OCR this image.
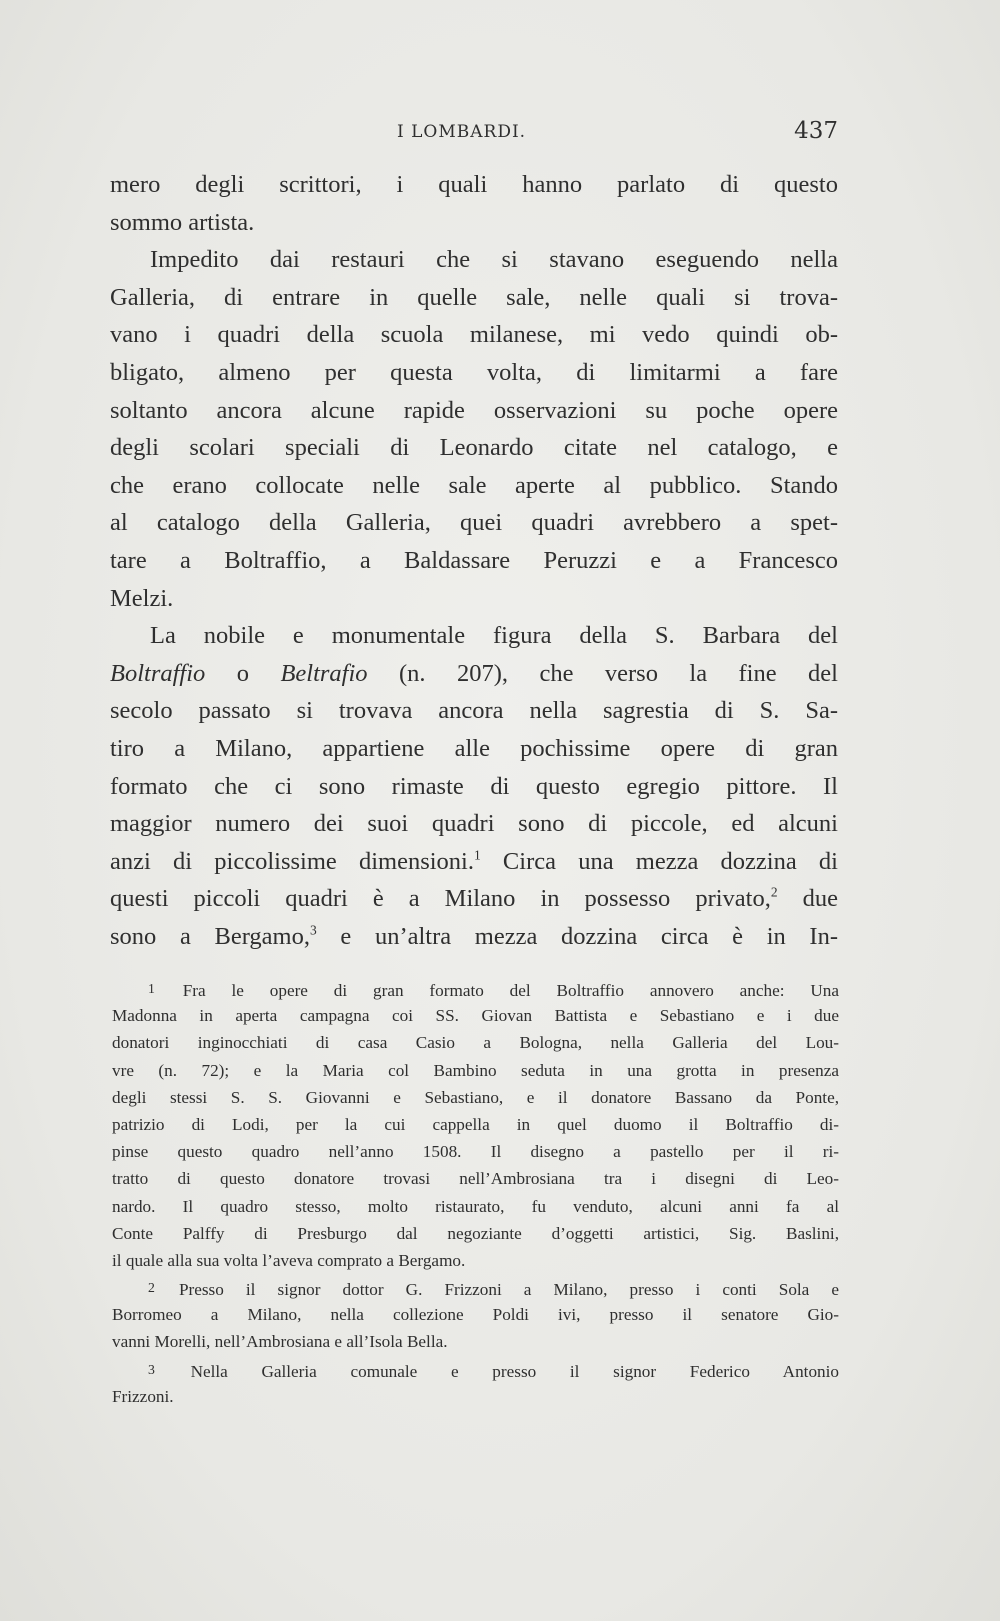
I LOMBARDI.	437
mero degli scrittori, i quali hanno parlato di questo
sommo artista.
Impedito dai restauri che si stavano eseguendo nella
Galleria, di entrare in quelle sale, nelle quali si trova-
vano i quadri della scuola milanese, mi vedo quindi ob-
bligato, almeno per questa volta, di limitarmi a fare
soltanto ancora alcune rapide osservazioni su poche opere
degli scolari speciali di Leonardo citate nel catalogo, e
che erano collocate nelle sale aperte al pubblico. Stando
al catalogo della Galleria, quei quadri avrebbero a spet-
tare a Boltraffio, a Baldassare Peruzzi e a Francesco
Melzi.
La nobile e monumentale figura della S. Barbara del
Boltraffio o Beltrafio (n. 207), che verso la fine del
secolo passato si trovava ancora nella sagrestia di S. Sa-
tiro a Milano, appartiene alle pochissime opere di gran
formato che ci sono rimaste di questo egregio pittore. Il
maggior numero dei suoi quadri sono di piccole, ed alcuni
anzi di piccolissime dimensioni.$^1$ Circa una mezza dozzina di
questi piccoli quadri è a Milano in possesso privato,$^2$ due
sono a Bergamo,$^3$ e un’altra mezza dozzina circa è in In-
1 Fra le opere di gran formato del Boltraffio annovero anche: Una
Madonna in aperta campagna coi SS. Giovan Battista e Sebastiano e i due
donatori inginocchiati di casa Casio a Bologna, nella Galleria del Lou-
vre (n. 72); e la Maria col Bambino seduta in una grotta in presenza
degli stessi S. S. Giovanni e Sebastiano, e il donatore Bassano da Ponte,
patrizio di Lodi, per la cui cappella in quel duomo il Boltraffio di-
pinse questo quadro nell’anno 1508. Il disegno a pastello per il ri-
tratto di questo donatore trovasi nell’Ambrosiana tra i disegni di Leo-
nardo. Il quadro stesso, molto ristaurato, fu venduto, alcuni anni fa al
Conte Palffy di Presburgo dal negoziante d’oggetti artistici, Sig. Baslini,
il quale alla sua volta l’aveva comprato a Bergamo.
2 Presso il signor dottor G. Frizzoni a Milano, presso i conti Sola e
Borromeo a Milano, nella collezione Poldi ivi, presso il senatore Gio-
vanni Morelli, nell’Ambrosiana e all’Isola Bella.
3 Nella Galleria comunale e presso il signor Federico Antonio
Frizzoni.
